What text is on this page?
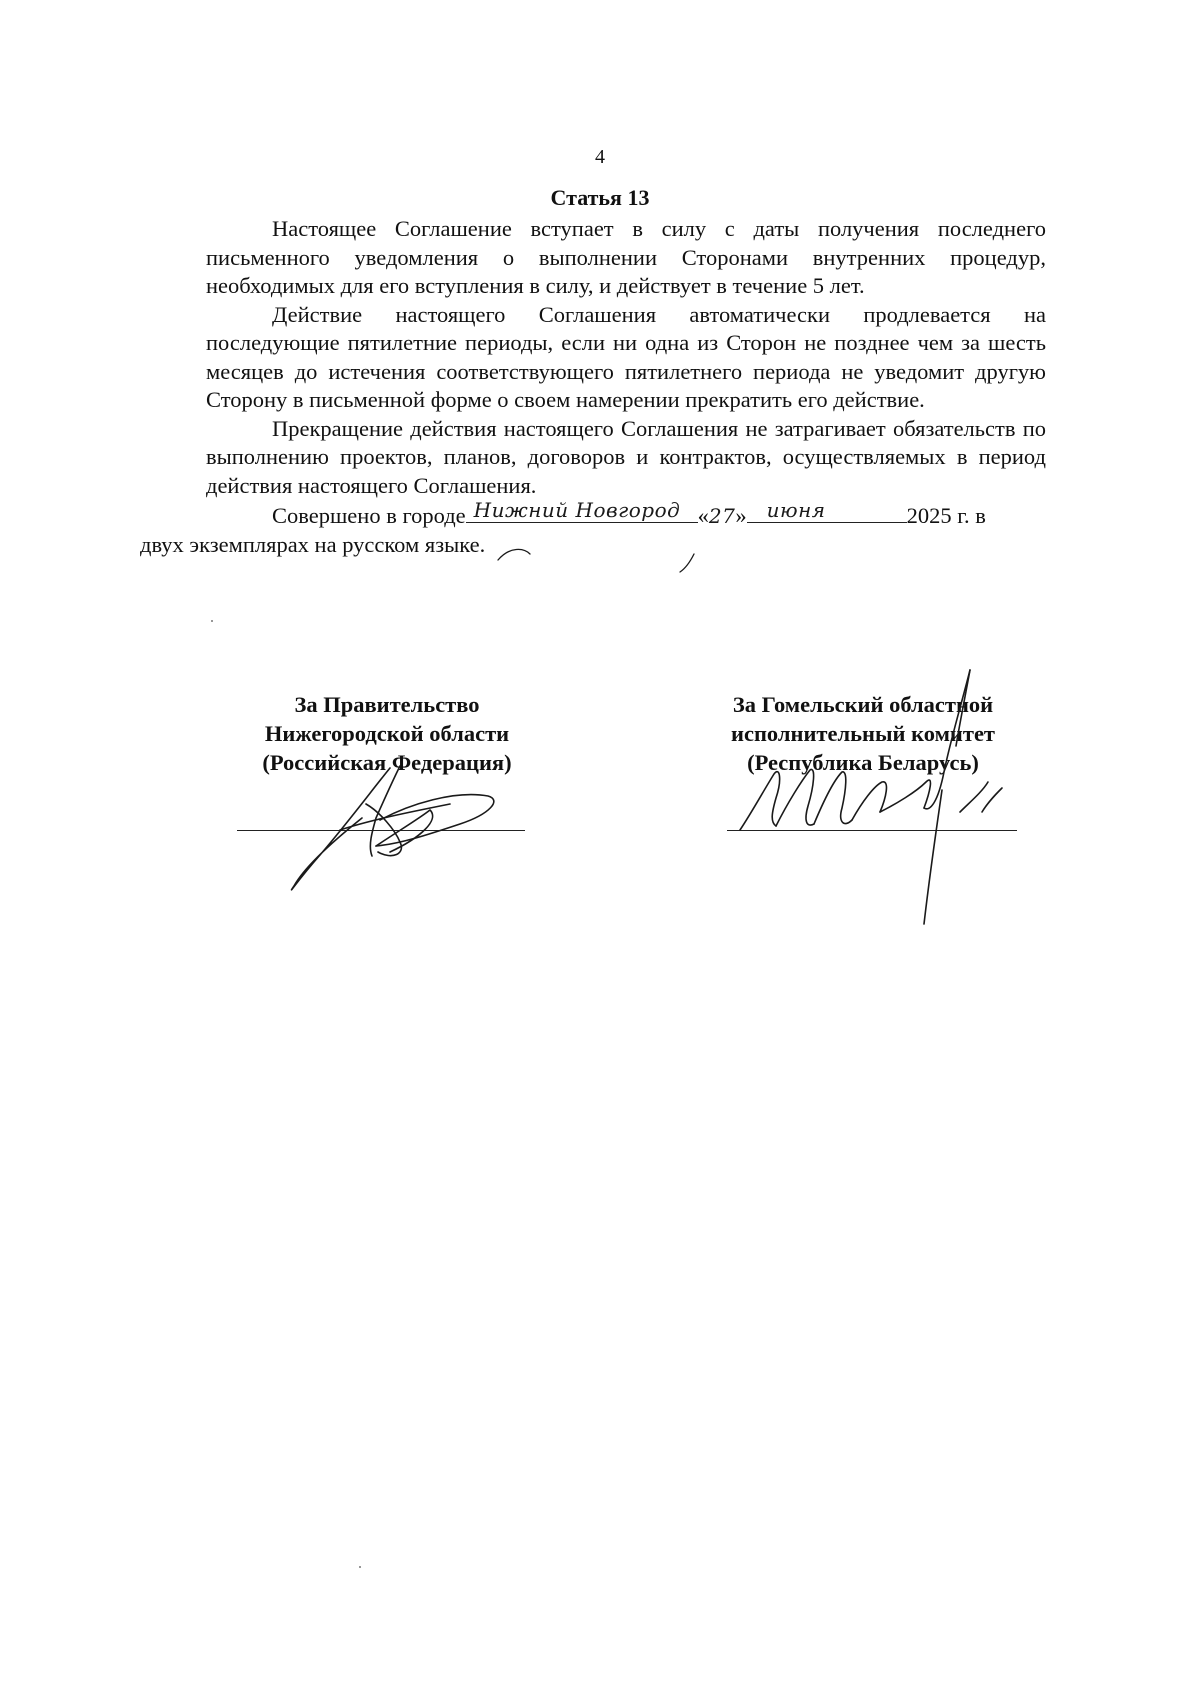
4
Статья 13

Настоящее Соглашение вступает в силу с даты получения последнего письменного уведомления о выполнении Сторонами внутренних процедур, необходимых для его вступления в силу, и действует в течение 5 лет.

Действие настоящего Соглашения автоматически продлевается на последующие пятилетние периоды, если ни одна из Сторон не позднее чем за шесть месяцев до истечения соответствующего пятилетнего периода не уведомит другую Сторону в письменной форме о своем намерении прекратить его действие.

Прекращение действия настоящего Соглашения не затрагивает обязательств по выполнению проектов, планов, договоров и контрактов, осуществляемых в период действия настоящего Соглашения.

Совершено в городе Нижний Новгород «27» июня	2025 г. в
двух экземплярах на русском языке.

За Правительство
Нижегородской области
(Российская Федерация)
За Гомельский областной
исполнительный комитет
(Республика Беларусь)
